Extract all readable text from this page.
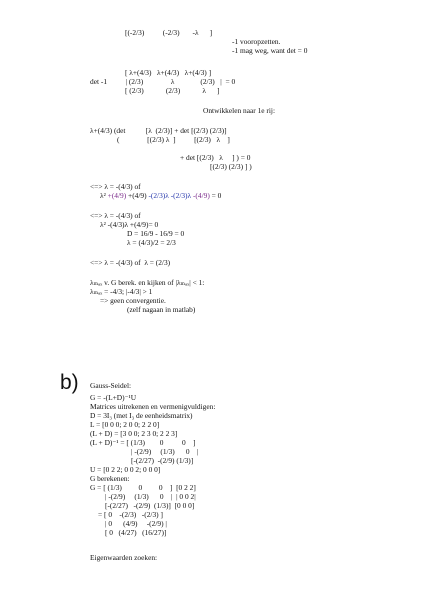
[(-2/3)          (-2/3)       -λ      ]
-1 vooropzetten.
-1 mag weg, want det = 0
[ λ+(4/3)   λ+(4/3)   λ+(4/3) ]
det -1          | (2/3)               λ              (2/3)   |  = 0
[ (2/3)            (2/3)            λ      ]
Ontwikkelen naar 1e rij:
λ+(4/3) (det           [λ  (2/3)] + det [(2/3) (2/3)]
(               [(2/3) λ  ]          [(2/3)   λ    ]
+ det [(2/3)   λ     ] ) = 0
[(2/3) (2/3) ] )
<=> λ = -(4/3) of
λ² +(4/9) +(4/9) -(2/3)λ -(2/3)λ -(4/9) = 0
<=> λ = -(4/3) of
λ² -(4/3)λ +(4/9)= 0
D = 16/9 - 16/9 = 0
λ = (4/3)/2 = 2/3
<=> λ = -(4/3) of  λ = (2/3)
λₘₐₓ v. G berek. en kijken of |λₘₐₓ| < 1:
λₘₐₓ = -4/3; |-4/3| > 1
=> geen convergentie.
(zelf nagaan in matlab)
Gauss-Seidel:
G = -(L+D)⁻¹U
Matrices uitrekenen en vermenigvuldigen:
D = 3I₃ (met I₃ de eenheidsmatrix)
L = [0 0 0; 2 0 0; 2 2 0]
(L + D) = [3 0 0; 2 3 0; 2 2 3]
(L + D)⁻¹ = [ (1/3)        0          0    ]
| -(2/9)     (1/3)      0    |
[-(2/27)  -(2/9) (1/3)]
U = [0 2 2; 0 0 2; 0 0 0]
G berekenen:
G = [ (1/3)         0         0    ]  [0 2 2]
| -(2/9)     (1/3)      0    |  | 0 0 2|
[-(2/27)   -(2/9)  (1/3)]  [0 0 0]
= [ 0    -(2/3)   -(2/3) ]
| 0      (4/9)     -(2/9) |
[ 0   (4/27)   (16/27)]
Eigenwaarden zoeken:
b)
